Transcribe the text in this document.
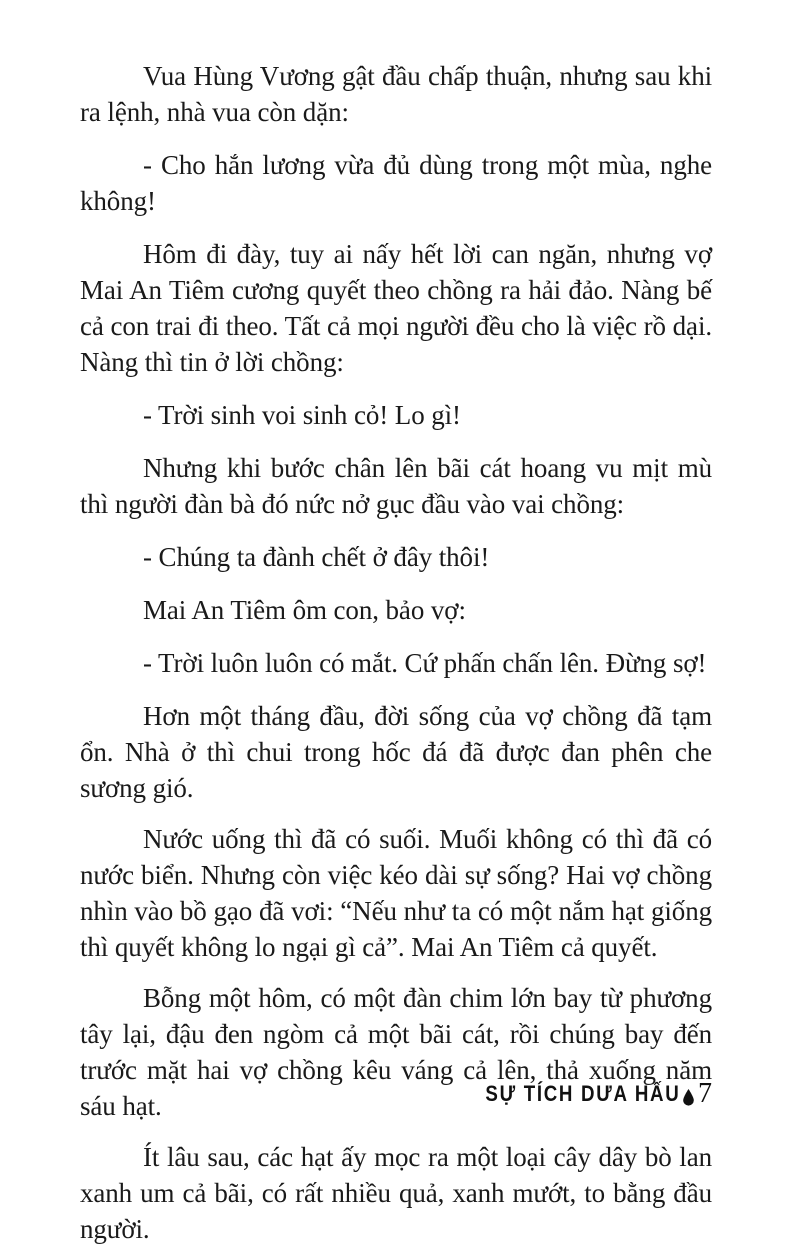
Vua Hùng Vương gật đầu chấp thuận, nhưng sau khi ra lệnh, nhà vua còn dặn:

- Cho hắn lương vừa đủ dùng trong một mùa, nghe không!

Hôm đi đày, tuy ai nấy hết lời can ngăn, nhưng vợ Mai An Tiêm cương quyết theo chồng ra hải đảo. Nàng bế cả con trai đi theo. Tất cả mọi người đều cho là việc rồ dại. Nàng thì tin ở lời chồng:

- Trời sinh voi sinh cỏ! Lo gì!

Nhưng khi bước chân lên bãi cát hoang vu mịt mù thì người đàn bà đó nức nở gục đầu vào vai chồng:

- Chúng ta đành chết ở đây thôi!

Mai An Tiêm ôm con, bảo vợ:

- Trời luôn luôn có mắt. Cứ phấn chấn lên. Đừng sợ!

Hơn một tháng đầu, đời sống của vợ chồng đã tạm ổn. Nhà ở thì chui trong hốc đá đã được đan phên che sương gió.

Nước uống thì đã có suối. Muối không có thì đã có nước biển. Nhưng còn việc kéo dài sự sống? Hai vợ chồng nhìn vào bồ gạo đã vơi: “Nếu như ta có một nắm hạt giống thì quyết không lo ngại gì cả”. Mai An Tiêm cả quyết.

Bỗng một hôm, có một đàn chim lớn bay từ phương tây lại, đậu đen ngòm cả một bãi cát, rồi chúng bay đến trước mặt hai vợ chồng kêu váng cả lên, thả xuống năm sáu hạt.

Ít lâu sau, các hạt ấy mọc ra một loại cây dây bò lan xanh um cả bãi, có rất nhiều quả, xanh mướt, to bằng đầu người.

SỰ TÍCH DƯA HẤU 7
